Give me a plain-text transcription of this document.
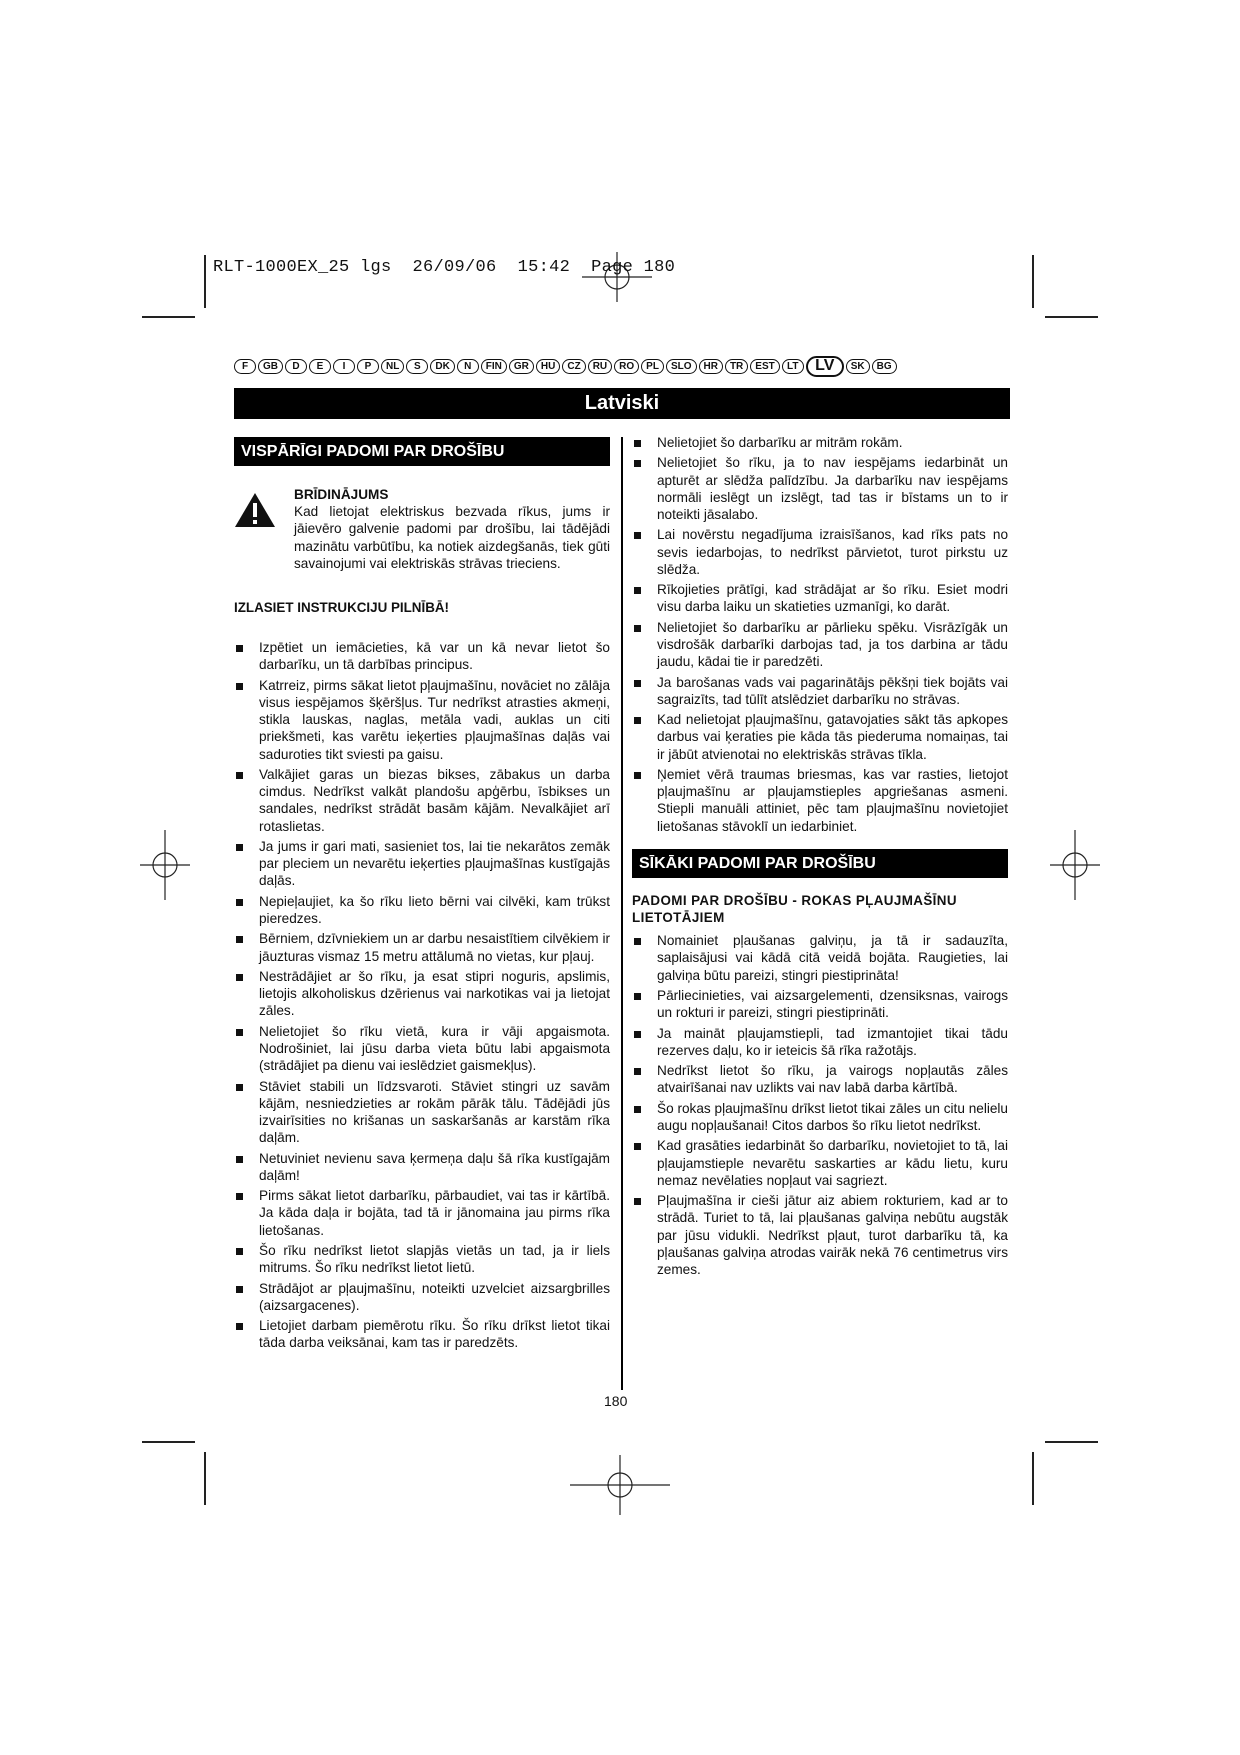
RLT-1000EX_25 lgs 26/09/06 15:42 Page 180
F	GB	D	E	I	P	NL	S	DK	N	FIN	GR	HU	CZ	RU	RO	PL	SLO	HR	TR	EST	LT	LV	SK	BG
Latviski
VISPĀRĪGI PADOMI PAR DROŠĪBU
BRĪDINĀJUMS
Kad lietojat elektriskus bezvada rīkus, jums ir jāievēro galvenie padomi par drošību, lai tādējādi mazinātu varbūtību, ka notiek aizdegšanās, tiek gūti savainojumi vai elektriskās strāvas trieciens.
IZLASIET INSTRUKCIJU PILNĪBĀ!
Izpētiet un iemācieties, kā var un kā nevar lietot šo darbarīku, un tā darbības principus.
Katrreiz, pirms sākat lietot pļaujmašīnu, novāciet no zālāja visus iespējamos šķēršļus. Tur nedrīkst atrasties akmeņi, stikla lauskas, naglas, metāla vadi, auklas un citi priekšmeti, kas varētu ieķerties pļaujmašīnas daļās vai saduroties tikt sviesti pa gaisu.
Valkājiet garas un biezas bikses, zābakus un darba cimdus. Nedrīkst valkāt plandošu apģērbu, īsbikses un sandales, nedrīkst strādāt basām kājām. Nevalkājiet arī rotaslietas.
Ja jums ir gari mati, sasieniet tos, lai tie nekarātos zemāk par pleciem un nevarētu ieķerties pļaujmašīnas kustīgajās daļās.
Nepieļaujiet, ka šo rīku lieto bērni vai cilvēki, kam trūkst pieredzes.
Bērniem, dzīvniekiem un ar darbu nesaistītiem cilvēkiem ir jāuzturas vismaz 15 metru attālumā no vietas, kur pļauj.
Nestrādājiet ar šo rīku, ja esat stipri noguris, apslimis, lietojis alkoholiskus dzērienus vai narkotikas vai ja lietojat zāles.
Nelietojiet šo rīku vietā, kura ir vāji apgaismota. Nodrošiniet, lai jūsu darba vieta būtu labi apgaismota (strādājiet pa dienu vai ieslēdziet gaismekļus).
Stāviet stabili un līdzsvaroti. Stāviet stingri uz savām kājām, nesniedzieties ar rokām pārāk tālu. Tādējādi jūs izvairīsities no krišanas un saskaršanās ar karstām rīka daļām.
Netuviniet nevienu sava ķermeņa daļu šā rīka kustīgajām daļām!
Pirms sākat lietot darbarīku, pārbaudiet, vai tas ir kārtībā. Ja kāda daļa ir bojāta, tad tā ir jānomaina jau pirms rīka lietošanas.
Šo rīku nedrīkst lietot slapjās vietās un tad, ja ir liels mitrums. Šo rīku nedrīkst lietot lietū.
Strādājot ar pļaujmašīnu, noteikti uzvelciet aizsargbrilles (aizsargacenes).
Lietojiet darbam piemērotu rīku. Šo rīku drīkst lietot tikai tāda darba veiksānai, kam tas ir paredzēts.
Nelietojiet šo darbarīku ar mitrām rokām.
Nelietojiet šo rīku, ja to nav iespējams iedarbināt un apturēt ar slēdža palīdzību. Ja darbarīku nav iespējams normāli ieslēgt un izslēgt, tad tas ir bīstams un to ir noteikti jāsalabo.
Lai novērstu negadījuma izraisīšanos, kad rīks pats no sevis iedarbojas, to nedrīkst pārvietot, turot pirkstu uz slēdža.
Rīkojieties prātīgi, kad strādājat ar šo rīku. Esiet modri visu darba laiku un skatieties uzmanīgi, ko darāt.
Nelietojiet šo darbarīku ar pārlieku spēku. Visrāzīgāk un visdrošāk darbarīki darbojas tad, ja tos darbina ar tādu jaudu, kādai tie ir paredzēti.
Ja barošanas vads vai pagarinātājs pēkšņi tiek bojāts vai sagraizīts, tad tūlīt atslēdziet darbarīku no strāvas.
Kad nelietojat pļaujmašīnu, gatavojaties sākt tās apkopes darbus vai ķeraties pie kāda tās piederuma nomaiņas, tai ir jābūt atvienotai no elektriskās strāvas tīkla.
Ņemiet vērā traumas briesmas, kas var rasties, lietojot pļaujmašīnu ar pļaujamstieples apgriešanas asmeni. Stiepli manuāli attiniet, pēc tam pļaujmašīnu novietojiet lietošanas stāvoklī un iedarbiniet.
SĪKĀKI PADOMI PAR DROŠĪBU
PADOMI PAR DROŠĪBU - ROKAS PĻAUJMAŠĪNU LIETOTĀJIEM
Nomainiet pļaušanas galviņu, ja tā ir sadauzīta, saplaisājusi vai kādā citā veidā bojāta. Raugieties, lai galviņa būtu pareizi, stingri piestiprināta!
Pārliecinieties, vai aizsargelementi, dzensiksnas, vairogs un rokturi ir pareizi, stingri piestiprināti.
Ja maināt pļaujamstiepli, tad izmantojiet tikai tādu rezerves daļu, ko ir ieteicis šā rīka ražotājs.
Nedrīkst lietot šo rīku, ja vairogs nopļautās zāles atvairīšanai nav uzlikts vai nav labā darba kārtībā.
Šo rokas pļaujmašīnu drīkst lietot tikai zāles un citu nelielu augu nopļaušanai! Citos darbos šo rīku lietot nedrīkst.
Kad grasāties iedarbināt šo darbarīku, novietojiet to tā, lai pļaujamstieple nevarētu saskarties ar kādu lietu, kuru nemaz nevēlaties nopļaut vai sagriezt.
Pļaujmašīna ir cieši jātur aiz abiem rokturiem, kad ar to strādā. Turiet to tā, lai pļaušanas galviņa nebūtu augstāk par jūsu vidukli. Nedrīkst pļaut, turot darbarīku tā, ka pļaušanas galviņa atrodas vairāk nekā 76 centimetrus virs zemes.
180
